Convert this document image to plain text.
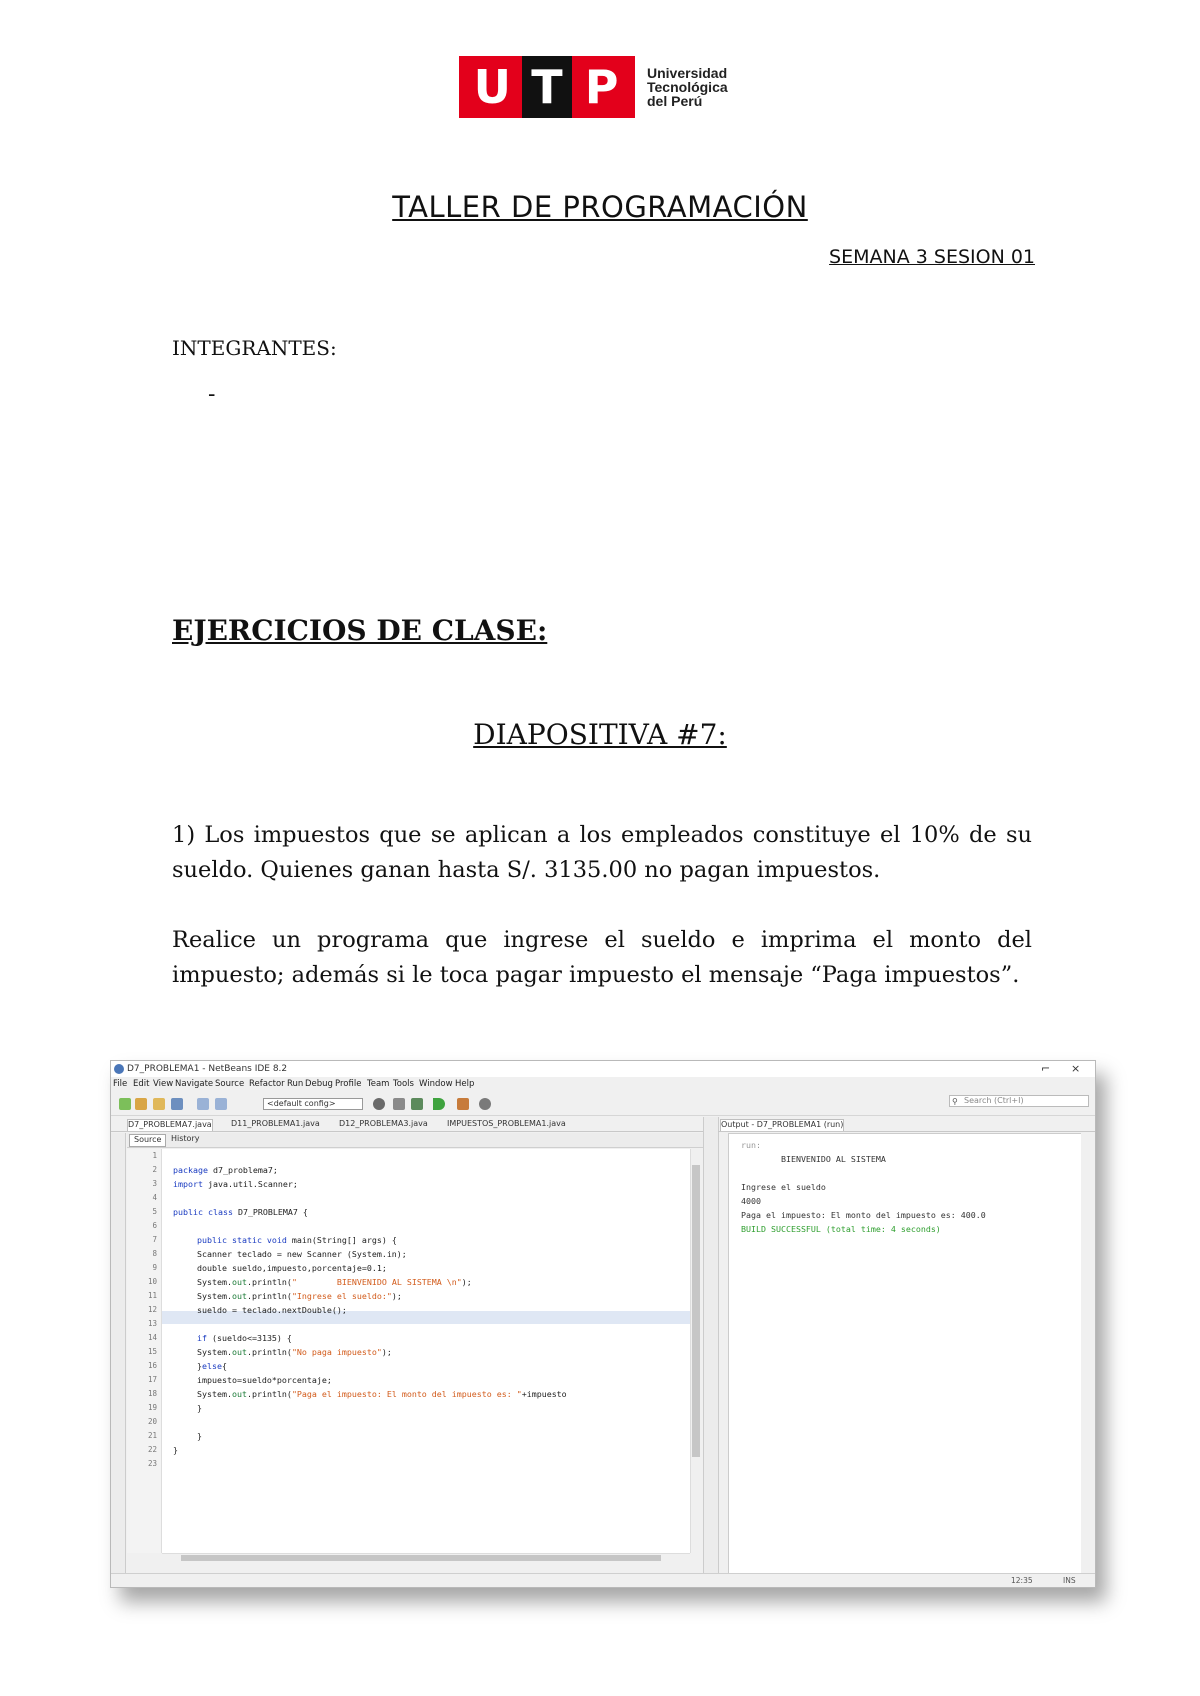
U T P	Universidad
Tecnológica
del Perú
TALLER DE PROGRAMACIÓN
SEMANA 3 SESION 01
INTEGRANTES:
-
EJERCICIOS DE CLASE:
DIAPOSITIVA #7:
1) Los impuestos que se aplican a los empleados constituye el 10% de su sueldo. Quienes ganan hasta S/. 3135.00 no pagan impuestos.
Realice un programa que ingrese el sueldo e imprima el monto del impuesto; además si le toca pagar impuesto el mensaje “Paga impuestos”.
D7_PROBLEMA1 - NetBeans IDE 8.2	⌐ ×
File Edit View Navigate Source Refactor Run Debug Profile Team Tools Window Help
⚲ Search (Ctrl+I)
<default config>
D7_PROBLEMA7.java D11_PROBLEMA1.java D12_PROBLEMA3.java IMPUESTOS_PROBLEMA1.java
Source	History
1
2
3
4
5
6
7
8
9
10
11
12
13
14
15
16
17
18
19
20
21
22
23
package d7_problema7;
import java.util.Scanner;
public class D7_PROBLEMA7 {
public static void main(String[] args) {
Scanner teclado = new Scanner (System.in);
double sueldo,impuesto,porcentaje=0.1;
System.out.println("        BIENVENIDO AL SISTEMA \n");
System.out.println("Ingrese el sueldo:");
sueldo = teclado.nextDouble();
if (sueldo<=3135) {
System.out.println("No paga impuesto");
}else{
impuesto=sueldo*porcentaje;
System.out.println("Paga el impuesto: El monto del impuesto es: "+impuesto
}
}
}
Output - D7_PROBLEMA1 (run)
run:
BIENVENIDO AL SISTEMA
Ingrese el sueldo
4000
Paga el impuesto: El monto del impuesto es: 400.0
BUILD SUCCESSFUL (total time: 4 seconds)
12:35	INS
